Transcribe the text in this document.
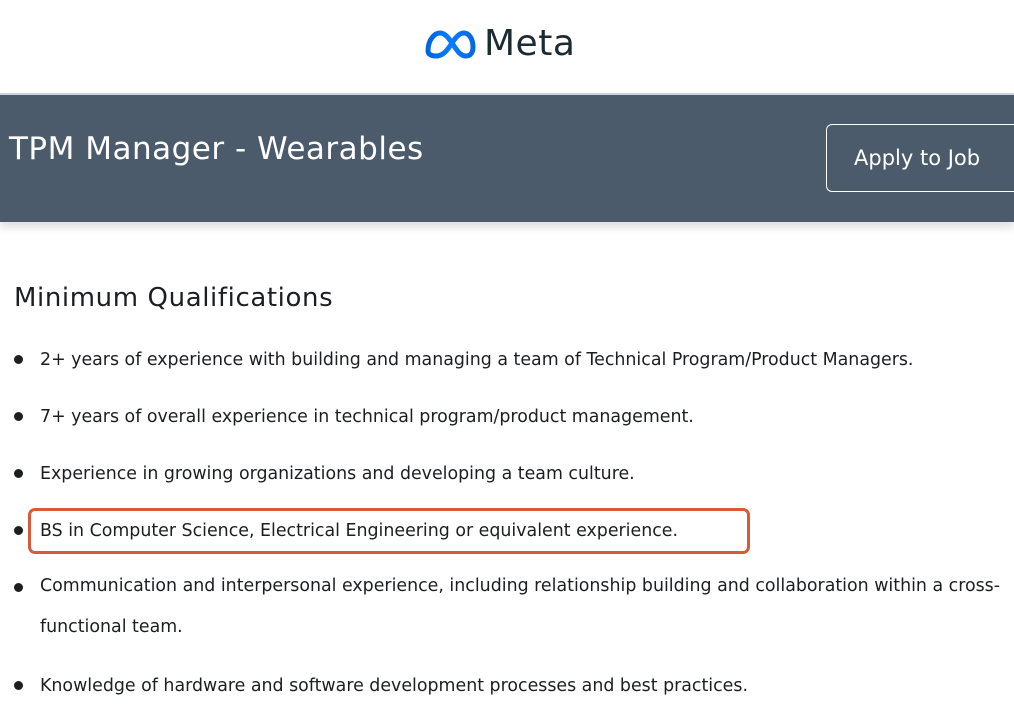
Meta
TPM Manager - Wearables	Apply to Job
Minimum Qualifications
2+ years of experience with building and managing a team of Technical Program/Product Managers.
7+ years of overall experience in technical program/product management.
Experience in growing organizations and developing a team culture.
BS in Computer Science, Electrical Engineering or equivalent experience.
Communication and interpersonal experience, including relationship building and collaboration within a cross-functional team.
Knowledge of hardware and software development processes and best practices.
